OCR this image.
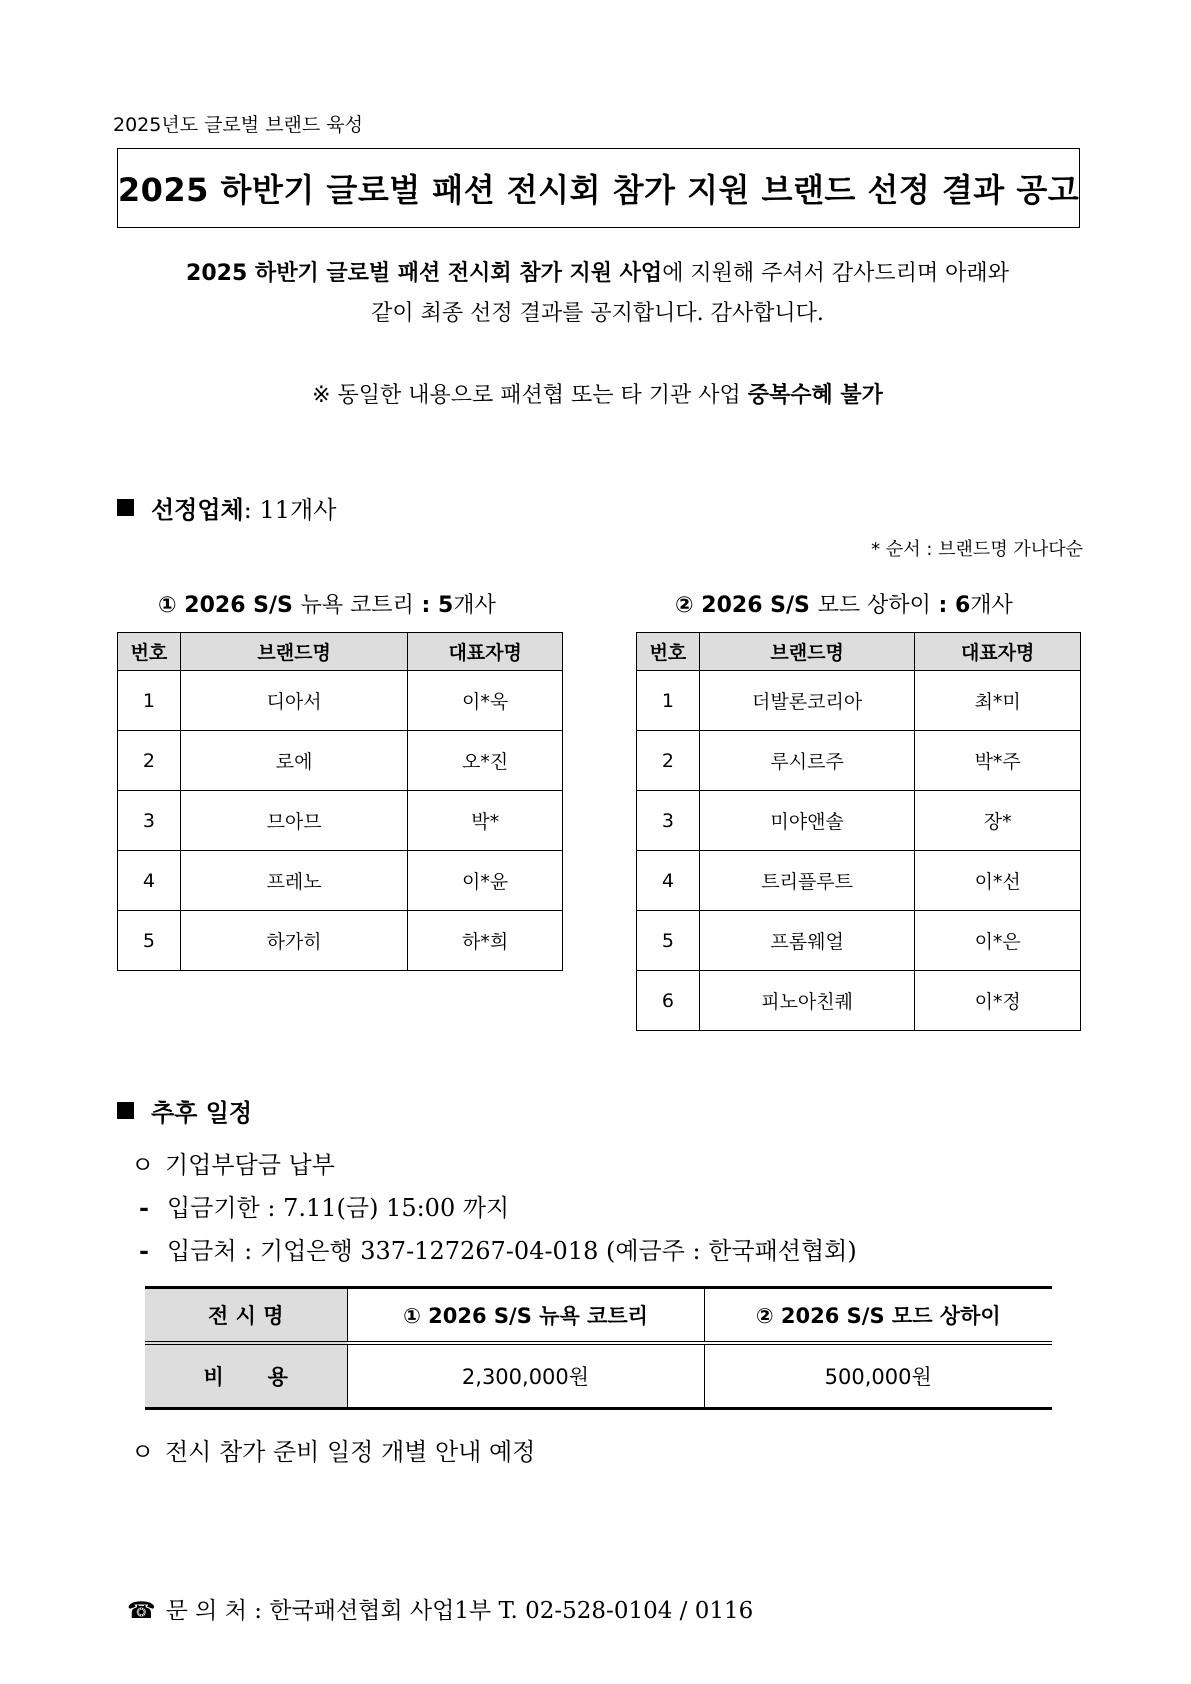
2025년도 글로벌 브랜드 육성
2025 하반기 글로벌 패션 전시회 참가 지원 브랜드 선정 결과 공고
2025 하반기 글로벌 패션 전시회 참가 지원 사업에 지원해 주셔서 감사드리며 아래와
같이 최종 선정 결과를 공지합니다. 감사합니다.
※ 동일한 내용으로 패션협 또는 타 기관 사업 중복수혜 불가
선정업체 : 11개사
* 순서 : 브랜드명 가나다순
① 2026 S/S 뉴욕 코트리 : 5개사	② 2026 S/S 모드 상하이 : 6개사
번호	브랜드명	대표자명
1	디아서	이*욱
2	로에	오*진
3	므아므	박*
4	프레노	이*윤
5	하가히	하*희
번호	브랜드명	대표자명
1	더발론코리아	최*미
2	루시르주	박*주
3	미야앤솔	장*
4	트리플루트	이*선
5	프롬웨얼	이*은
6	피노아친퀘	이*정
추후 일정
ㅇ 기업부담금 납부
- 입금기한 : 7.11(금) 15:00 까지
- 입금처 : 기업은행 337-127267-04-018 (예금주 : 한국패션협회)
전 시 명	① 2026 S/S 뉴욕 코트리	② 2026 S/S 모드 상하이
비      용	2,300,000원	500,000원
ㅇ 전시 참가 준비 일정 개별 안내 예정
☎ 문 의 처 : 한국패션협회 사업1부 T. 02-528-0104 / 0116
